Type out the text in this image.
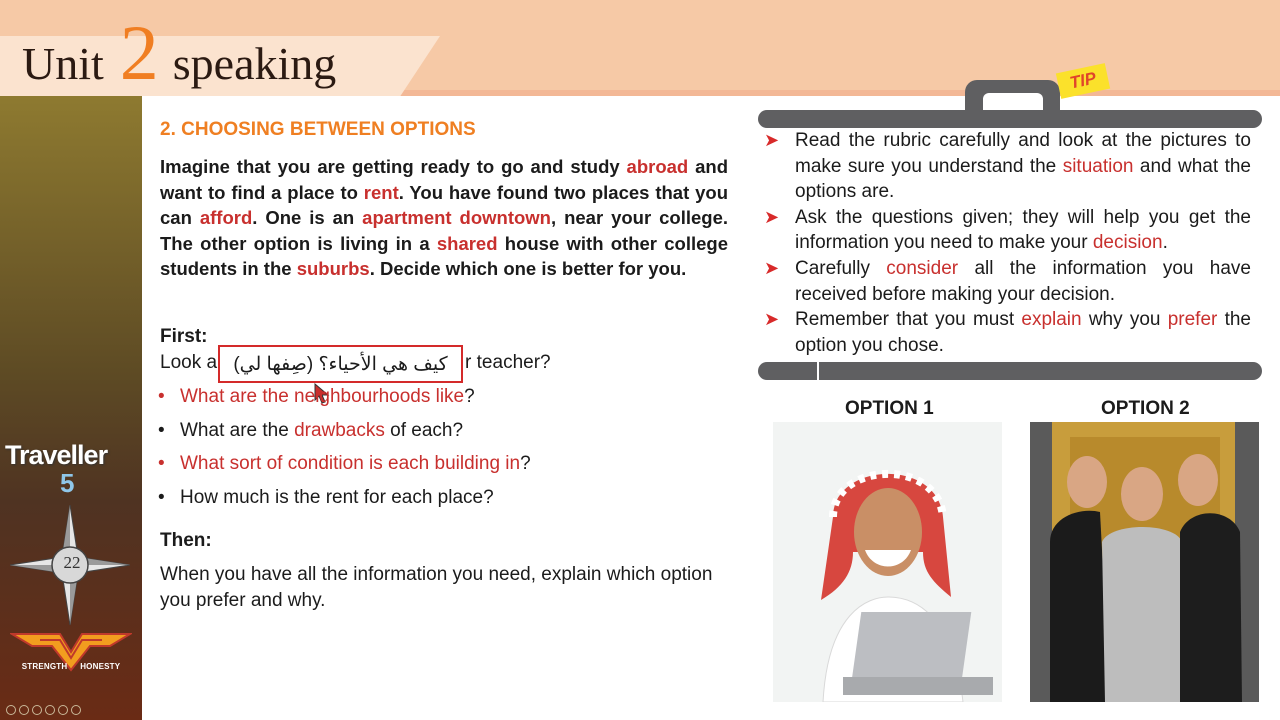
Unit 2 speaking
Traveller
5
22
STRENGTH HONESTY
2. CHOOSING BETWEEN OPTIONS
Imagine that you are getting ready to go and study abroad and want to find a place to rent. You have found two places that you can afford. One is an apartment downtown, near your college. The other option is living in a shared house with other college students in the suburbs. Decide which one is better for you.
First:
Look a	r teacher?
كيف هي الأحياء؟ (صِفها لي)
• What are the neighbourhoods like?
• What are the drawbacks of each?
• What sort of condition is each building in?
• How much is the rent for each place?
Then:
When you have all the information you need, explain which option you prefer and why.
TIP
➤ Read the rubric carefully and look at the pictures to make sure you understand the situation and what the options are.
➤ Ask the questions given; they will help you get the information you need to make your decision.
➤ Carefully consider all the information you have received before making your decision.
➤ Remember that you must explain why you prefer the option you chose.
OPTION 1	OPTION 2
